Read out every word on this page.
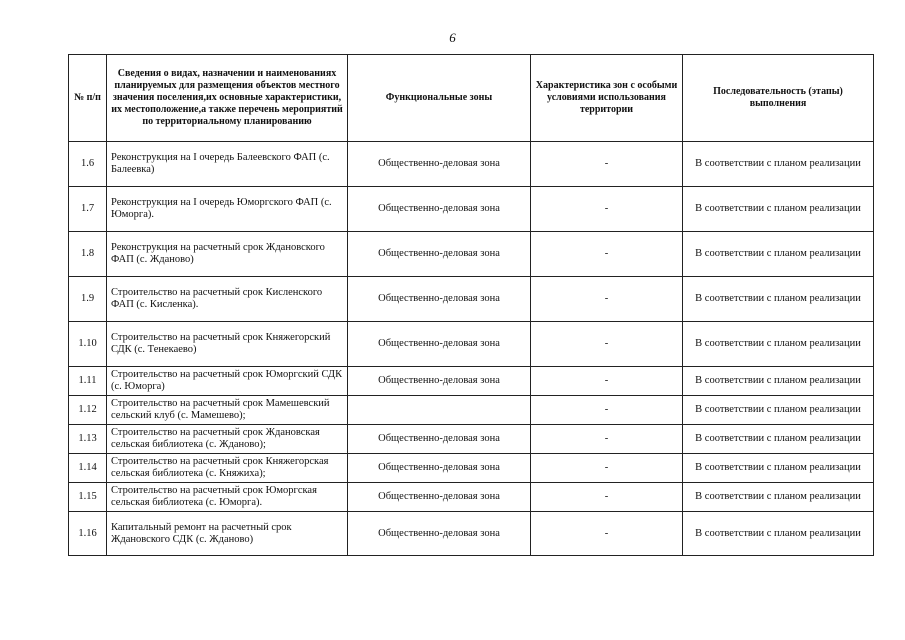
6
№ п/п	Сведения о видах, назначении и наименованиях планируемых для размещения объектов местного значения поселения,их основные характеристики, их местоположение,а также перечень мероприятий по территориальному планированию	Функциональные зоны	Характеристика зон с особыми условиями использования территории	Последовательность (этапы) выполнения
1.6	Реконструкция на I очередь Балеевского ФАП (с. Балеевка)	Общественно-деловая зона	-	В соответствии с планом реализации
1.7	Реконструкция на I очередь Юморгского ФАП (с. Юморга).	Общественно-деловая зона	-	В соответствии с планом реализации
1.8	Реконструкция на расчетный срок Ждановского ФАП (с. Жданово)	Общественно-деловая зона	-	В соответствии с планом реализации
1.9	Строительство на расчетный срок Кисленского ФАП (с. Кисленка).	Общественно-деловая зона	-	В соответствии с планом реализации
1.10	Строительство на расчетный срок Княжегорский СДК (с. Тенекаево)	Общественно-деловая зона	-	В соответствии с планом реализации
1.11	Строительство на расчетный срок Юморгский СДК (с. Юморга)	Общественно-деловая зона	-	В соответствии с планом реализации
1.12	Строительство на расчетный срок Мамешевский сельский клуб (с. Мамешево);		-	В соответствии с планом реализации
1.13	Строительство на расчетный срок Ждановская сельская библиотека (с. Жданово);	Общественно-деловая зона	-	В соответствии с планом реализации
1.14	Строительство на расчетный срок Княжегорская сельская библиотека (с. Княжиха);	Общественно-деловая зона	-	В соответствии с планом реализации
1.15	Строительство на расчетный срок Юморгская сельская библиотека (с. Юморга).	Общественно-деловая зона	-	В соответствии с планом реализации
1.16	Капитальный ремонт на расчетный срок Ждановского СДК (с. Жданово)	Общественно-деловая зона	-	В соответствии с планом реализации
